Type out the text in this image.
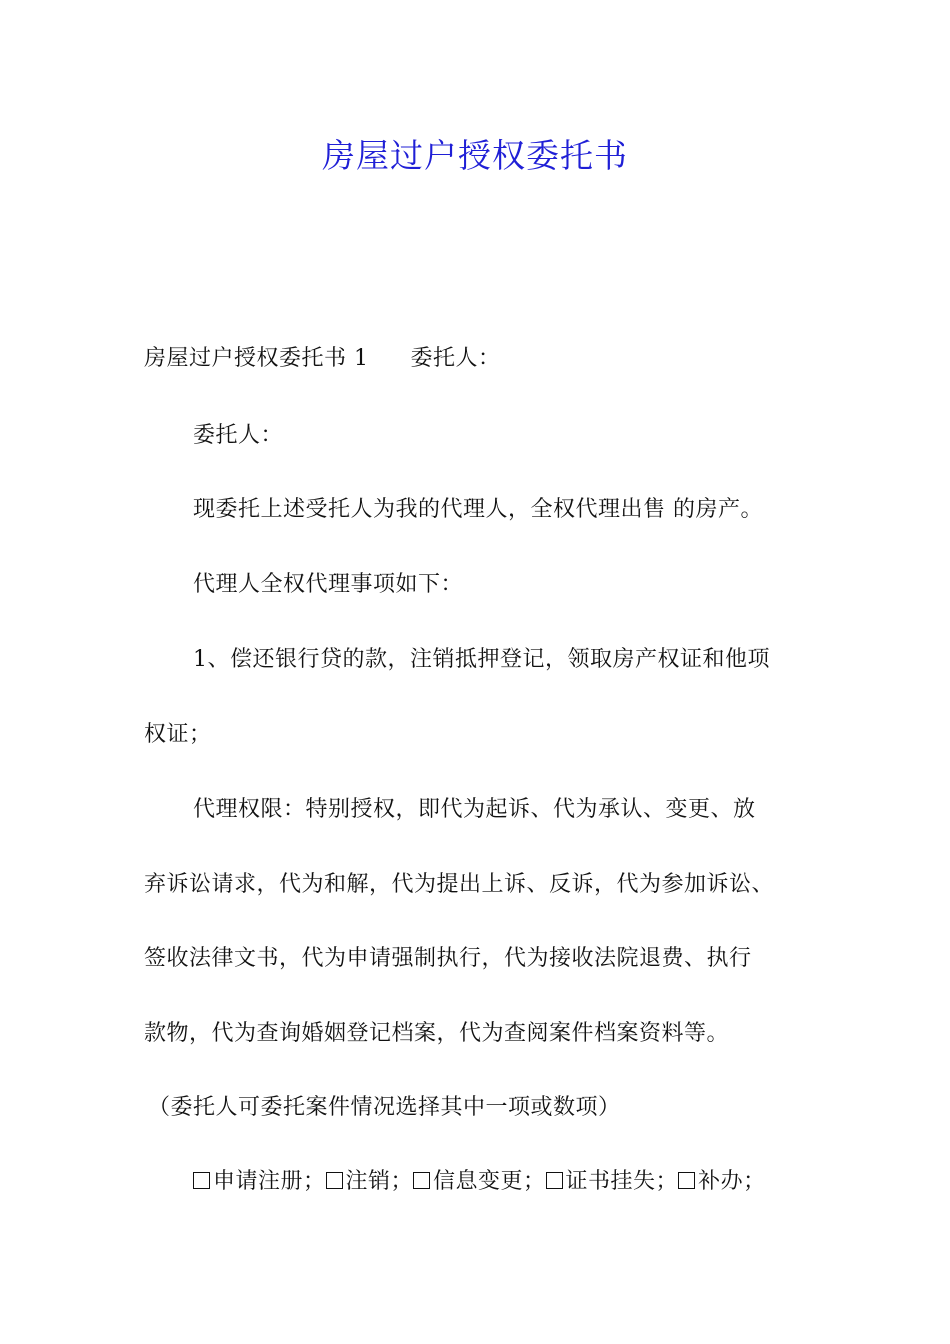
房屋过户授权委托书
房屋过户授权委托书 1 委托人：
委托人：
现委托上述受托人为我的代理人，全权代理出售 的房产。
代理人全权代理事项如下：
1、偿还银行贷的款，注销抵押登记，领取房产权证和他项
权证；
代理权限：特别授权，即代为起诉、代为承认、变更、放
弃诉讼请求，代为和解，代为提出上诉、反诉，代为参加诉讼、
签收法律文书，代为申请强制执行，代为接收法院退费、执行
款物，代为查询婚姻登记档案，代为查阅案件档案资料等。
（委托人可委托案件情况选择其中一项或数项）
申请注册； 注销； 信息变更； 证书挂失； 补办；
